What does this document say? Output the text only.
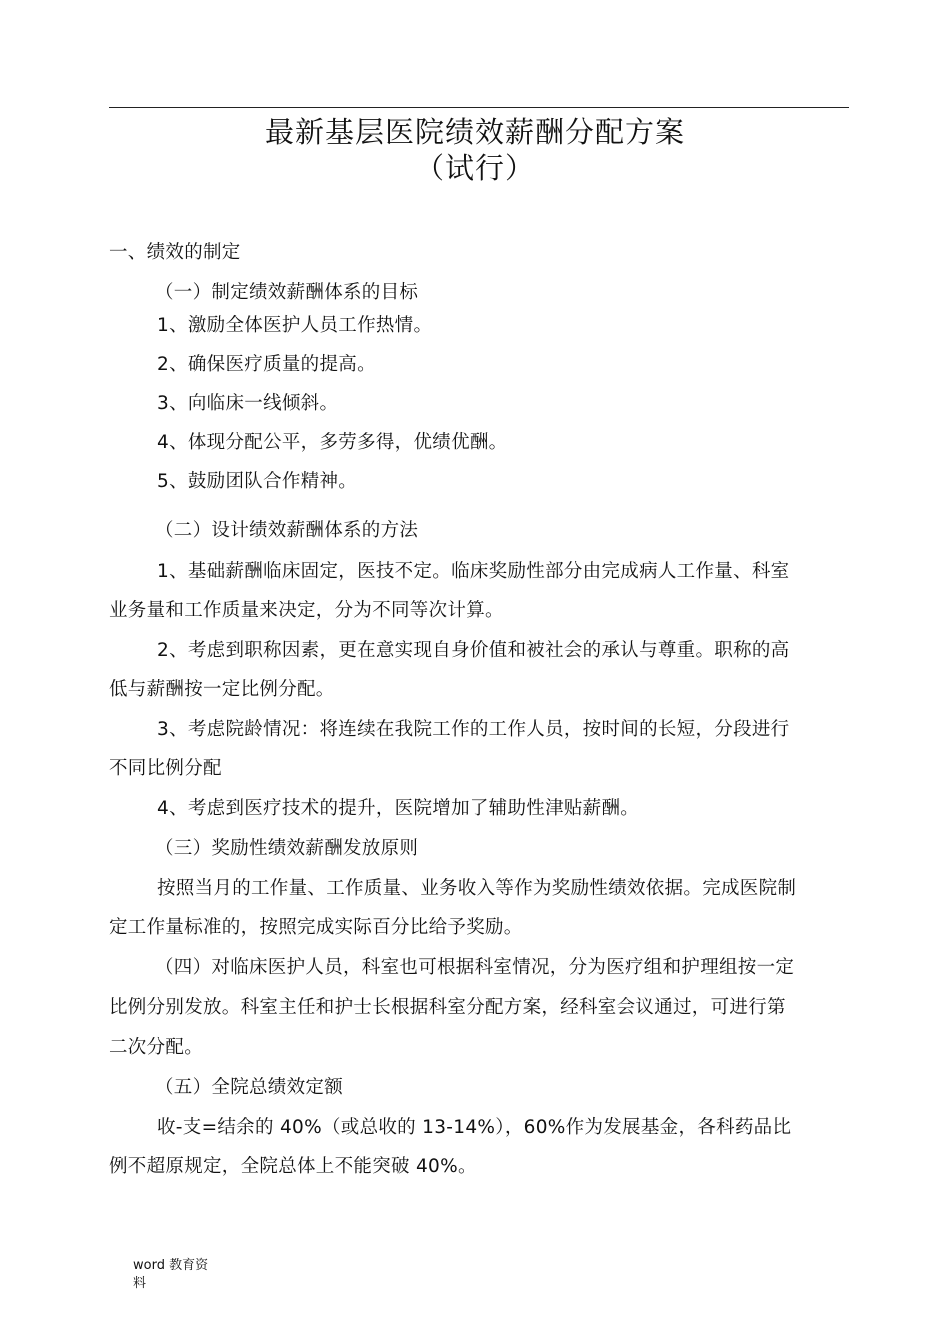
最新基层医院绩效薪酬分配方案
（试行）
一、绩效的制定
（一）制定绩效薪酬体系的目标
1、激励全体医护人员工作热情。
2、确保医疗质量的提高。
3、向临床一线倾斜。
4、体现分配公平，多劳多得，优绩优酬。
5、鼓励团队合作精神。
（二）设计绩效薪酬体系的方法
1、基础薪酬临床固定，医技不定。临床奖励性部分由完成病人工作量、科室
业务量和工作质量来决定，分为不同等次计算。
2、考虑到职称因素，更在意实现自身价值和被社会的承认与尊重。职称的高
低与薪酬按一定比例分配。
3、考虑院龄情况：将连续在我院工作的工作人员，按时间的长短，分段进行
不同比例分配
4、考虑到医疗技术的提升，医院增加了辅助性津贴薪酬。
（三）奖励性绩效薪酬发放原则
按照当月的工作量、工作质量、业务收入等作为奖励性绩效依据。完成医院制
定工作量标准的，按照完成实际百分比给予奖励。
（四）对临床医护人员，科室也可根据科室情况，分为医疗组和护理组按一定
比例分别发放。科室主任和护士长根据科室分配方案，经科室会议通过，可进行第
二次分配。
（五）全院总绩效定额
收-支=结余的 40%（或总收的 13-14%），60%作为发展基金，各科药品比
例不超原规定，全院总体上不能突破 40%。
word 教育资
料
